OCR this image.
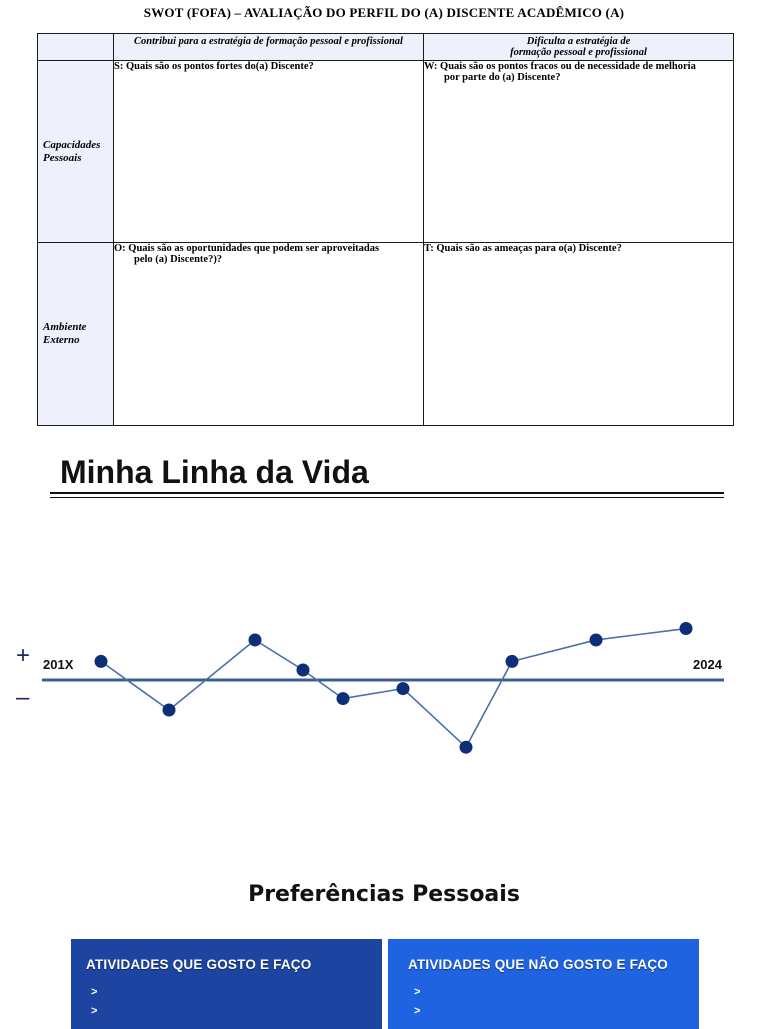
SWOT (FOFA) – AVALIAÇÃO DO PERFIL DO (A) DISCENTE ACADÊMICO (A)

	Contribui para a estratégia de formação pessoal e profissional	Dificulta a estratégia de
formação pessoal e profissional

Capacidades Pessoais	S: Quais são os pontos fortes do(a) Discente?	W: Quais são os pontos fracos ou de necessidade de melhoria
por parte do (a) Discente?

Ambiente Externo	O: Quais são as oportunidades que podem ser aproveitadas
pelo (a) Discente?)?	T: Quais são as ameaças para o(a) Discente?
Minha Linha da Vida
+
–
201X	2024
Preferências Pessoais
ATIVIDADES QUE GOSTO E FAÇO
>
>
ATIVIDADES QUE NÃO GOSTO E FAÇO
>
>
